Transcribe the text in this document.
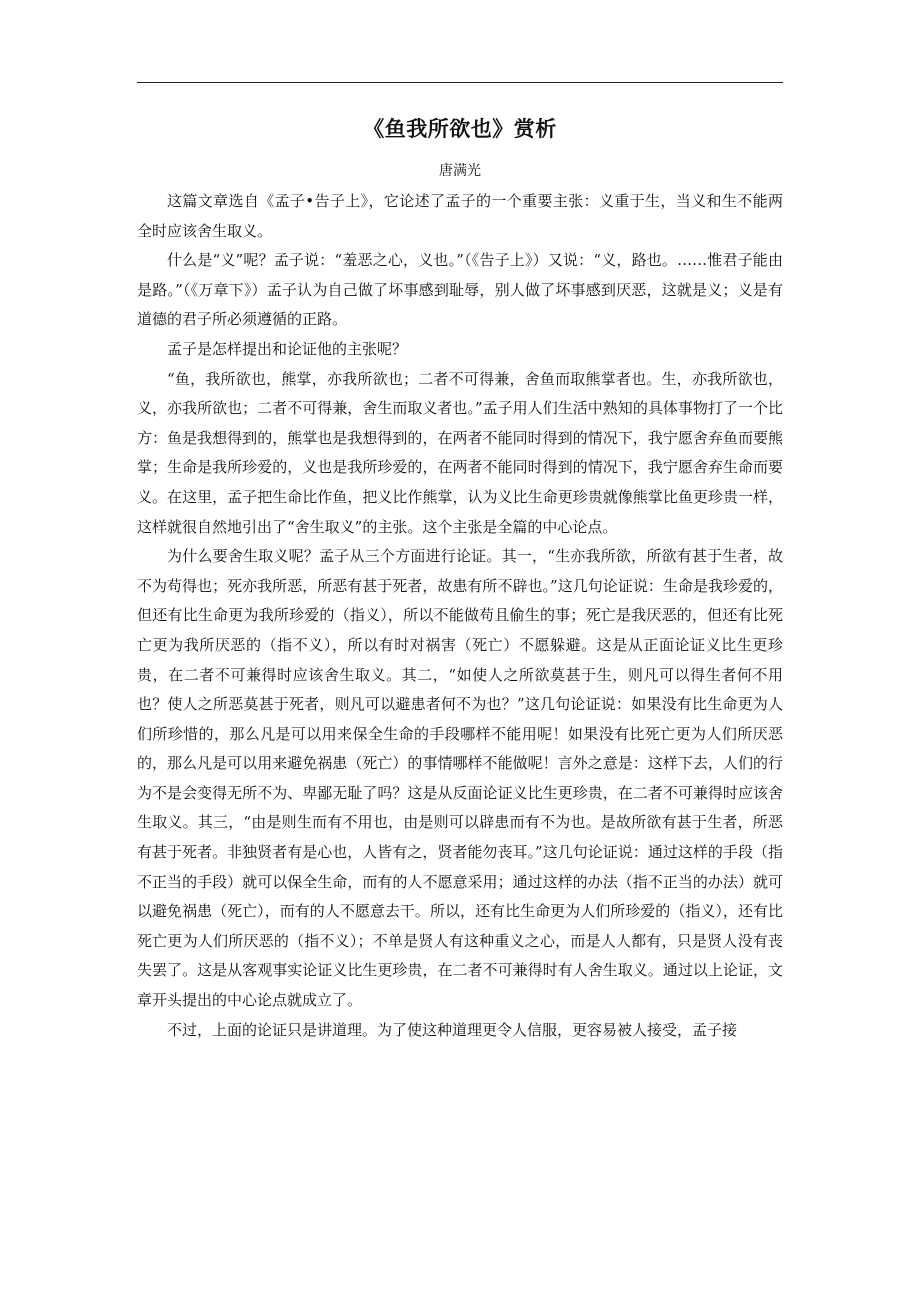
《鱼我所欲也》赏析
唐满光

这篇文章选自《孟子•告子上》，它论述了孟子的一个重要主张：义重于生，当义和生不能两全时应该舍生取义。

什么是“义”呢？孟子说：“羞恶之心，义也。”（《告子上》）又说：“义，路也。……惟君子能由是路。”（《万章下》）孟子认为自己做了坏事感到耻辱，别人做了坏事感到厌恶，这就是义；义是有道德的君子所必须遵循的正路。

孟子是怎样提出和论证他的主张呢？

“鱼，我所欲也，熊掌，亦我所欲也；二者不可得兼，舍鱼而取熊掌者也。生，亦我所欲也，义，亦我所欲也；二者不可得兼，舍生而取义者也。”孟子用人们生活中熟知的具体事物打了一个比方：鱼是我想得到的，熊掌也是我想得到的，在两者不能同时得到的情况下，我宁愿舍弃鱼而要熊掌；生命是我所珍爱的，义也是我所珍爱的，在两者不能同时得到的情况下，我宁愿舍弃生命而要义。在这里，孟子把生命比作鱼，把义比作熊掌，认为义比生命更珍贵就像熊掌比鱼更珍贵一样，这样就很自然地引出了“舍生取义”的主张。这个主张是全篇的中心论点。

为什么要舍生取义呢？孟子从三个方面进行论证。其一，“生亦我所欲，所欲有甚于生者，故不为苟得也；死亦我所恶，所恶有甚于死者，故患有所不辟也。”这几句论证说：生命是我珍爱的，但还有比生命更为我所珍爱的（指义），所以不能做苟且偷生的事；死亡是我厌恶的，但还有比死亡更为我所厌恶的（指不义），所以有时对祸害（死亡）不愿躲避。这是从正面论证义比生更珍贵，在二者不可兼得时应该舍生取义。其二，“如使人之所欲莫甚于生，则凡可以得生者何不用也？使人之所恶莫甚于死者，则凡可以避患者何不为也？”这几句论证说：如果没有比生命更为人们所珍惜的，那么凡是可以用来保全生命的手段哪样不能用呢！如果没有比死亡更为人们所厌恶的，那么凡是可以用来避免祸患（死亡）的事情哪样不能做呢！言外之意是：这样下去，人们的行为不是会变得无所不为、卑鄙无耻了吗？这是从反面论证义比生更珍贵，在二者不可兼得时应该舍生取义。其三，“由是则生而有不用也，由是则可以辟患而有不为也。是故所欲有甚于生者，所恶有甚于死者。非独贤者有是心也，人皆有之，贤者能勿丧耳。”这几句论证说：通过这样的手段（指不正当的手段）就可以保全生命，而有的人不愿意采用；通过这样的办法（指不正当的办法）就可以避免祸患（死亡），而有的人不愿意去干。所以，还有比生命更为人们所珍爱的（指义），还有比死亡更为人们所厌恶的（指不义）；不单是贤人有这种重义之心，而是人人都有，只是贤人没有丧失罢了。这是从客观事实论证义比生更珍贵，在二者不可兼得时有人舍生取义。通过以上论证，文章开头提出的中心论点就成立了。

不过，上面的论证只是讲道理。为了使这种道理更令人信服，更容易被人接受，孟子接
